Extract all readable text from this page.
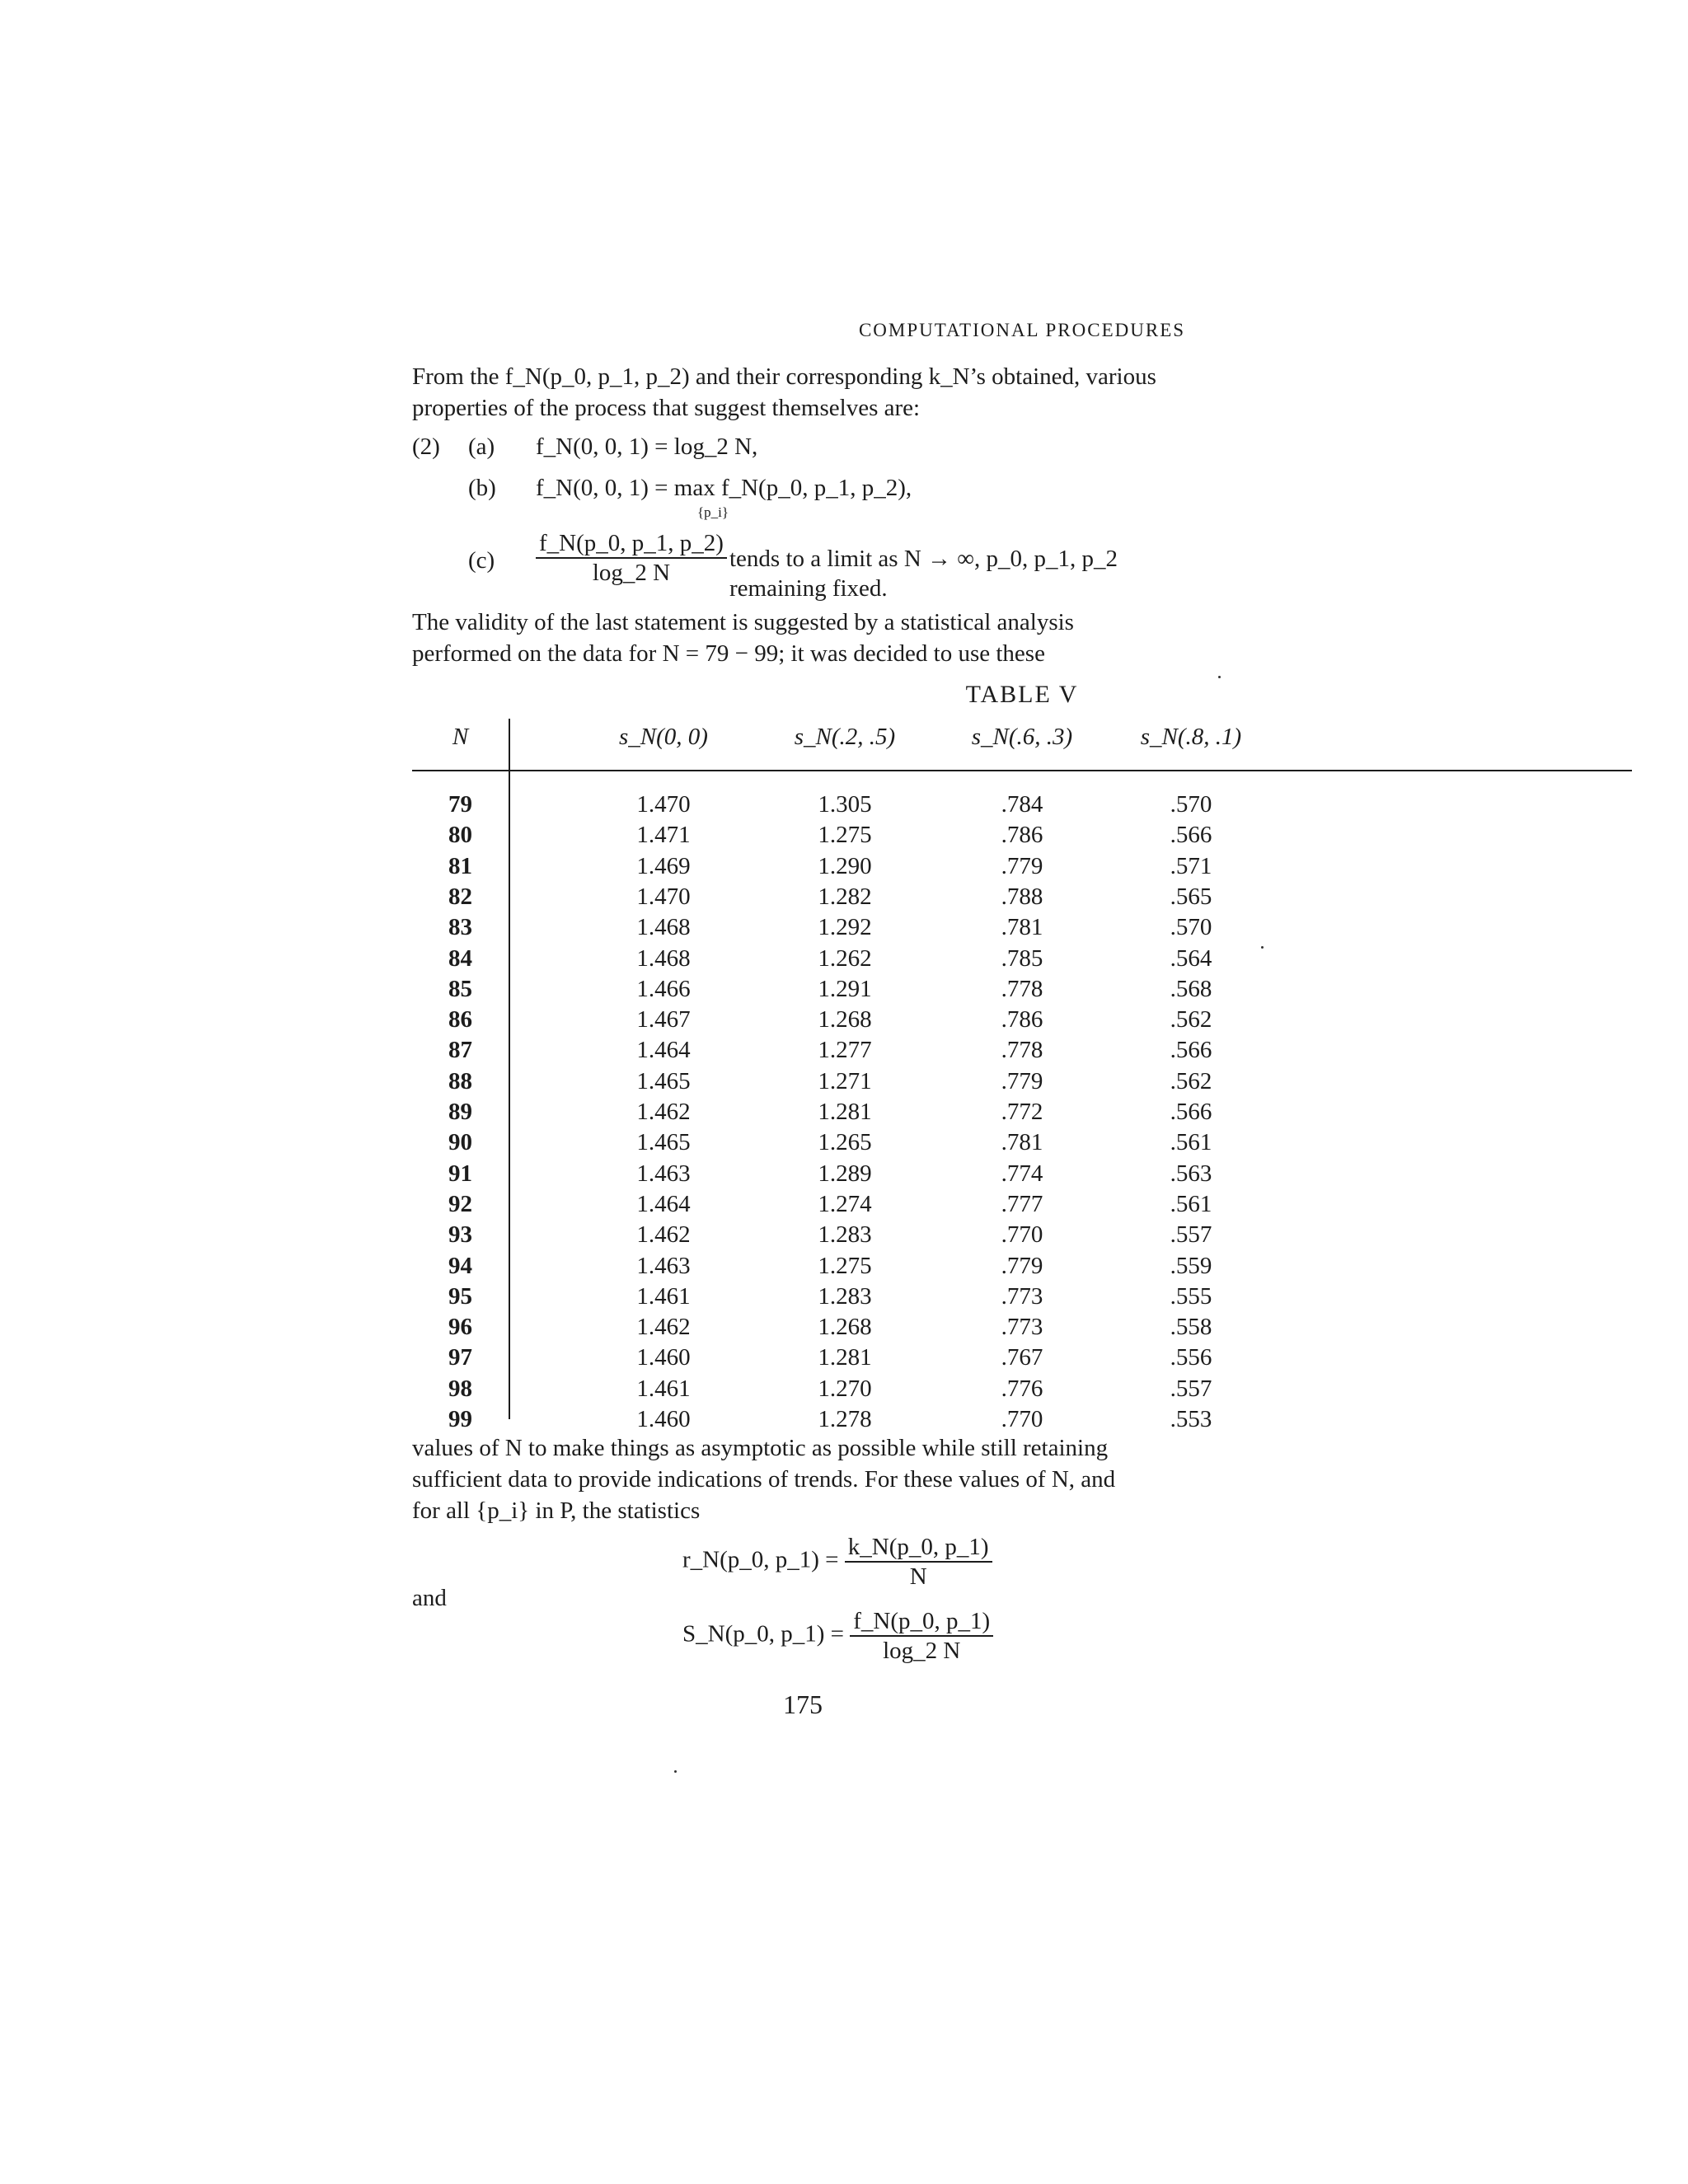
COMPUTATIONAL PROCEDURES
From the f_N(p_0, p_1, p_2) and their corresponding k_N’s obtained, various
properties of the process that suggest themselves are:
(2) (a) f_N(0, 0, 1) = log_2 N,
(b) f_N(0, 0, 1) = max f_N(p_0, p_1, p_2),
{p_i}
$(c) \frac{f\_N(p\_0, p\_1, p\_2)}{\log\_2 N}$ tends to a limit as N → ∞, p_0, p_1, p_2
remaining fixed.
The validity of the last statement is suggested by a statistical analysis
performed on the data for N = 79 − 99; it was decided to use these
TABLE V
N	s_N(0, 0)	s_N(.2, .5)	s_N(.6, .3)	s_N(.8, .1)
79	1.470	1.305	.784	.570
80	1.471	1.275	.786	.566
81	1.469	1.290	.779	.571
82	1.470	1.282	.788	.565
83	1.468	1.292	.781	.570
84	1.468	1.262	.785	.564
85	1.466	1.291	.778	.568
86	1.467	1.268	.786	.562
87	1.464	1.277	.778	.566
88	1.465	1.271	.779	.562
89	1.462	1.281	.772	.566
90	1.465	1.265	.781	.561
91	1.463	1.289	.774	.563
92	1.464	1.274	.777	.561
93	1.462	1.283	.770	.557
94	1.463	1.275	.779	.559
95	1.461	1.283	.773	.555
96	1.462	1.268	.773	.558
97	1.460	1.281	.767	.556
98	1.461	1.270	.776	.557
99	1.460	1.278	.770	.553
values of N to make things as asymptotic as possible while still retaining
sufficient data to provide indications of trends. For these values of N, and
for all {p_i} in P, the statistics
r_N(p_0, p_1) = $\frac{k\_N(p\_0, p\_1)}{N}$
and
S_N(p_0, p_1) = $\frac{f\_N(p\_0, p\_1)}{\log\_2 N}$
175
